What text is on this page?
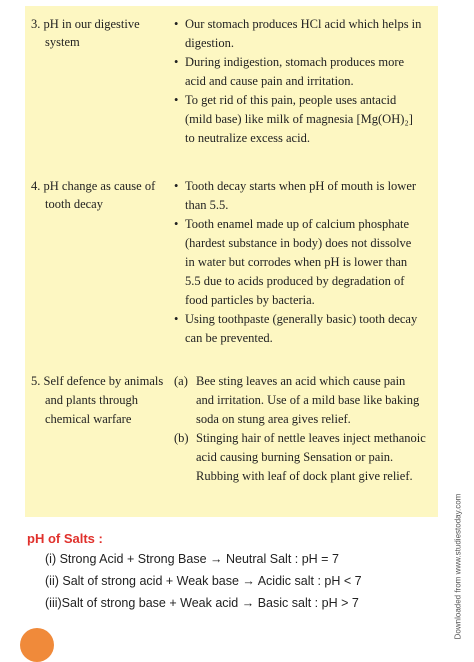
3. pH in our digestive
system
• Our stomach produces HCl acid which helps in
digestion.
• During indigestion, stomach produces more
acid and cause pain and irritation.
• To get rid of this pain, people uses antacid
(mild base) like milk of magnesia [Mg(OH)₂]
to neutralize excess acid.
4. pH change as cause of
tooth decay
• Tooth decay starts when pH of mouth is lower
than 5.5.
• Tooth enamel made up of calcium phosphate
(hardest substance in body) does not dissolve
in water but corrodes when pH is lower than
5.5 due to acids produced by degradation of
food particles by bacteria.
• Using toothpaste (generally basic) tooth decay
can be prevented.
5. Self defence by animals
and plants through
chemical warfare
(a) Bee sting leaves an acid which cause pain
and irritation. Use of a mild base like baking
soda on stung area gives relief.
(b) Stinging hair of nettle leaves inject methanoic
acid causing burning Sensation or pain.
Rubbing with leaf of dock plant give relief.
pH of Salts :
(i) Strong Acid + Strong Base → Neutral Salt : pH = 7
(ii) Salt of strong acid + Weak base → Acidic salt : pH < 7
(iii)Salt of strong base + Weak acid → Basic salt : pH > 7	Downloaded from www.studiestoday.com
